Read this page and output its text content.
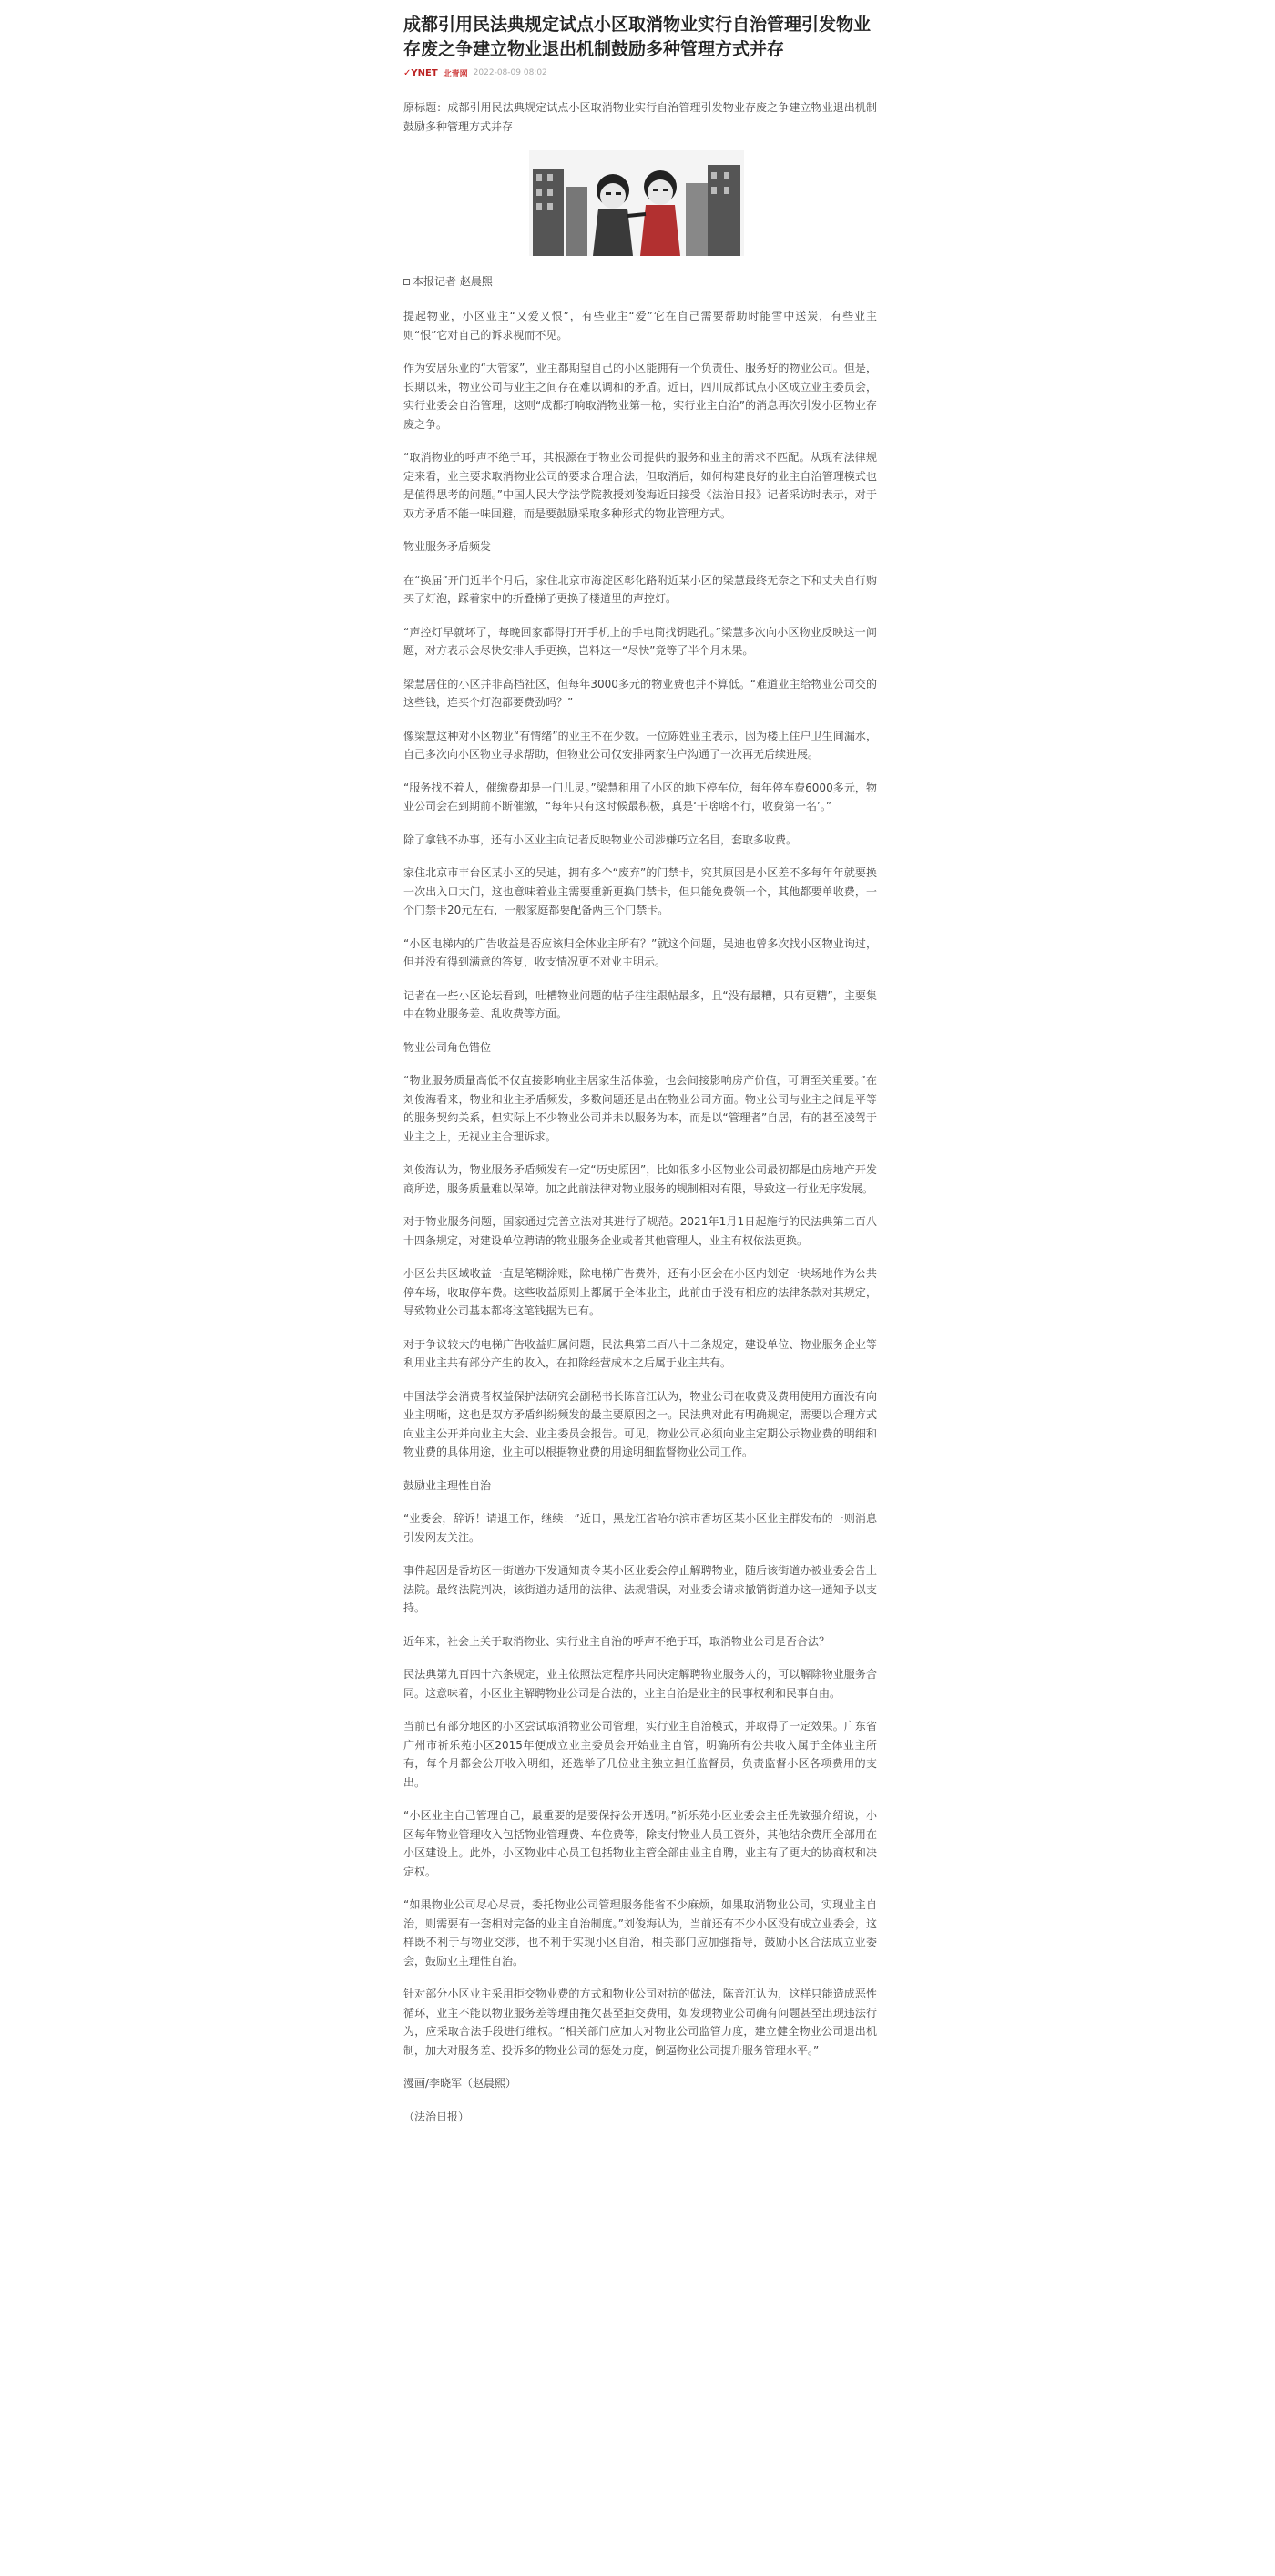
成都引用民法典规定试点小区取消物业实行自治管理引发物业存废之争建立物业退出机制鼓励多种管理方式并存
✓YNET 北青网 2022-08-09 08:02

原标题：成都引用民法典规定试点小区取消物业实行自治管理引发物业存废之争建立物业退出机制鼓励多种管理方式并存

本报记者 赵晨熙

提起物业，小区业主“又爱又恨”，有些业主“爱”它在自己需要帮助时能雪中送炭，有些业主则“恨”它对自己的诉求视而不见。

作为安居乐业的“大管家”，业主都期望自己的小区能拥有一个负责任、服务好的物业公司。但是，长期以来，物业公司与业主之间存在难以调和的矛盾。近日，四川成都试点小区成立业主委员会，实行业委会自治管理，这则“成都打响取消物业第一枪，实行业主自治”的消息再次引发小区物业存废之争。

“取消物业的呼声不绝于耳，其根源在于物业公司提供的服务和业主的需求不匹配。从现有法律规定来看，业主要求取消物业公司的要求合理合法，但取消后，如何构建良好的业主自治管理模式也是值得思考的问题。”中国人民大学法学院教授刘俊海近日接受《法治日报》记者采访时表示，对于双方矛盾不能一味回避，而是要鼓励采取多种形式的物业管理方式。

物业服务矛盾频发

在“换届”开门近半个月后，家住北京市海淀区彰化路附近某小区的梁慧最终无奈之下和丈夫自行购买了灯泡，踩着家中的折叠梯子更换了楼道里的声控灯。

“声控灯早就坏了，每晚回家都得打开手机上的手电筒找钥匙孔。”梁慧多次向小区物业反映这一问题，对方表示会尽快安排人手更换，岂料这一“尽快”竟等了半个月未果。

梁慧居住的小区并非高档社区，但每年3000多元的物业费也并不算低。“难道业主给物业公司交的这些钱，连买个灯泡都要费劲吗？”

像梁慧这种对小区物业“有情绪”的业主不在少数。一位陈姓业主表示，因为楼上住户卫生间漏水，自己多次向小区物业寻求帮助，但物业公司仅安排两家住户沟通了一次再无后续进展。

“服务找不着人，催缴费却是一门儿灵。”梁慧租用了小区的地下停车位，每年停车费6000多元，物业公司会在到期前不断催缴，“每年只有这时候最积极，真是‘干啥啥不行，收费第一名’。”

除了拿钱不办事，还有小区业主向记者反映物业公司涉嫌巧立名目，套取多收费。

家住北京市丰台区某小区的吴迪，拥有多个“废弃”的门禁卡，究其原因是小区差不多每年年就要换一次出入口大门，这也意味着业主需要重新更换门禁卡，但只能免费领一个，其他都要单收费，一个门禁卡20元左右，一般家庭都要配备两三个门禁卡。

“小区电梯内的广告收益是否应该归全体业主所有？”就这个问题，吴迪也曾多次找小区物业询过，但并没有得到满意的答复，收支情况更不对业主明示。

记者在一些小区论坛看到，吐槽物业问题的帖子往往跟帖最多，且“没有最糟，只有更糟”，主要集中在物业服务差、乱收费等方面。

物业公司角色错位

“物业服务质量高低不仅直接影响业主居家生活体验，也会间接影响房产价值，可谓至关重要。”在刘俊海看来，物业和业主矛盾频发，多数问题还是出在物业公司方面。物业公司与业主之间是平等的服务契约关系，但实际上不少物业公司并未以服务为本，而是以“管理者”自居，有的甚至凌驾于业主之上，无视业主合理诉求。

刘俊海认为，物业服务矛盾频发有一定“历史原因”，比如很多小区物业公司最初都是由房地产开发商所选，服务质量难以保障。加之此前法律对物业服务的规制相对有限，导致这一行业无序发展。

对于物业服务问题，国家通过完善立法对其进行了规范。2021年1月1日起施行的民法典第二百八十四条规定，对建设单位聘请的物业服务企业或者其他管理人，业主有权依法更换。

小区公共区域收益一直是笔糊涂账，除电梯广告费外，还有小区会在小区内划定一块场地作为公共停车场，收取停车费。这些收益原则上都属于全体业主，此前由于没有相应的法律条款对其规定，导致物业公司基本都将这笔钱据为已有。

对于争议较大的电梯广告收益归属问题，民法典第二百八十二条规定，建设单位、物业服务企业等利用业主共有部分产生的收入，在扣除经营成本之后属于业主共有。

中国法学会消费者权益保护法研究会副秘书长陈音江认为，物业公司在收费及费用使用方面没有向业主明晰，这也是双方矛盾纠纷频发的最主要原因之一。民法典对此有明确规定，需要以合理方式向业主公开并向业主大会、业主委员会报告。可见，物业公司必须向业主定期公示物业费的明细和物业费的具体用途，业主可以根据物业费的用途明细监督物业公司工作。

鼓励业主理性自治

“业委会，辞诉！请退工作，继续！”近日，黑龙江省哈尔滨市香坊区某小区业主群发布的一则消息引发网友关注。

事件起因是香坊区一街道办下发通知责令某小区业委会停止解聘物业，随后该街道办被业委会告上法院。最终法院判决，该街道办适用的法律、法规错误，对业委会请求撤销街道办这一通知予以支持。

近年来，社会上关于取消物业、实行业主自治的呼声不绝于耳，取消物业公司是否合法？

民法典第九百四十六条规定，业主依照法定程序共同决定解聘物业服务人的，可以解除物业服务合同。这意味着，小区业主解聘物业公司是合法的，业主自治是业主的民事权利和民事自由。

当前已有部分地区的小区尝试取消物业公司管理，实行业主自治模式，并取得了一定效果。广东省广州市祈乐苑小区2015年便成立业主委员会开始业主自管，明确所有公共收入属于全体业主所有，每个月都会公开收入明细，还选举了几位业主独立担任监督员，负责监督小区各项费用的支出。

“小区业主自己管理自己，最重要的是要保持公开透明。”祈乐苑小区业委会主任冼敏强介绍说，小区每年物业管理收入包括物业管理费、车位费等，除支付物业人员工资外，其他结余费用全部用在小区建设上。此外，小区物业中心员工包括物业主管全部由业主自聘，业主有了更大的协商权和决定权。

“如果物业公司尽心尽责，委托物业公司管理服务能省不少麻烦，如果取消物业公司，实现业主自治，则需要有一套相对完备的业主自治制度。”刘俊海认为，当前还有不少小区没有成立业委会，这样既不利于与物业交涉，也不利于实现小区自治，相关部门应加强指导，鼓励小区合法成立业委会，鼓励业主理性自治。

针对部分小区业主采用拒交物业费的方式和物业公司对抗的做法，陈音江认为，这样只能造成恶性循环，业主不能以物业服务差等理由拖欠甚至拒交费用，如发现物业公司确有问题甚至出现违法行为，应采取合法手段进行维权。“相关部门应加大对物业公司监管力度，建立健全物业公司退出机制，加大对服务差、投诉多的物业公司的惩处力度，倒逼物业公司提升服务管理水平。”

漫画/李晓军（赵晨熙）

（法治日报）
